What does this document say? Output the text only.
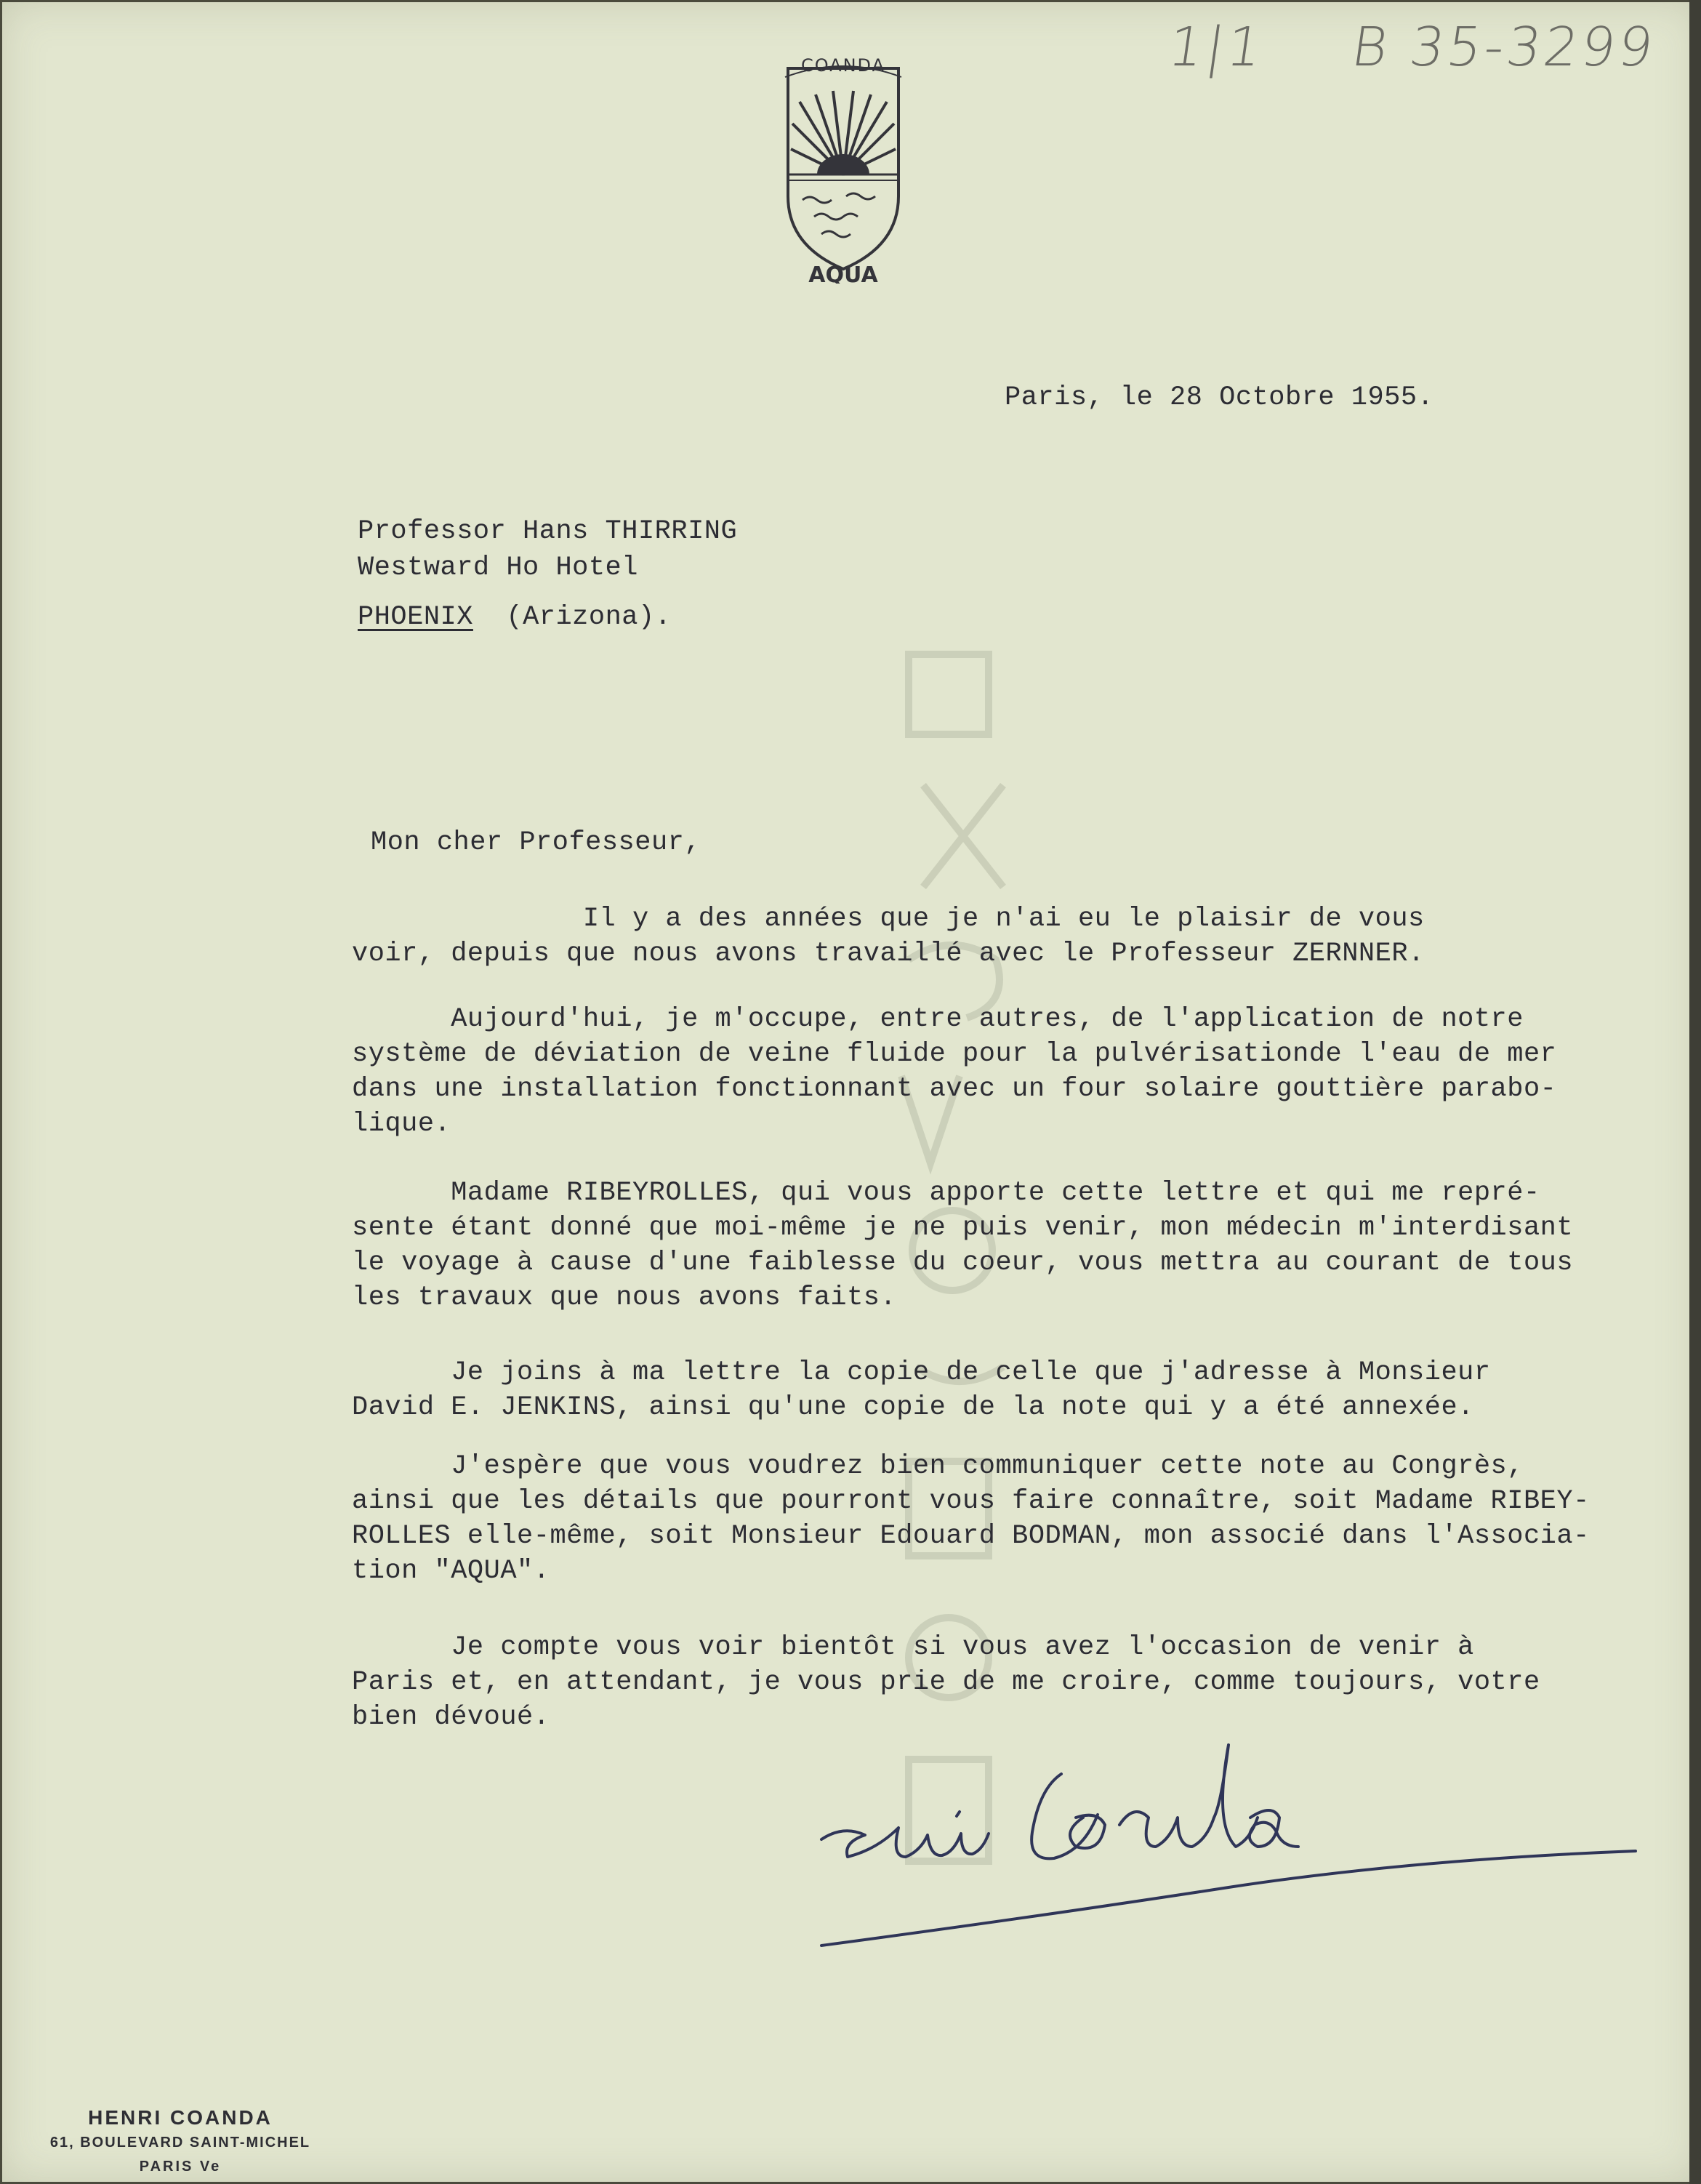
1|1 B 35-3299
COANDA
AQUA
Paris, le 28 Octobre 1955.
Professor Hans THIRRING
Westward Ho Hotel
PHOENIX (Arizona).
Mon cher Professeur,
Il y a des années que je n'ai eu le plaisir de vous
voir, depuis que nous avons travaillé avec le Professeur ZERNNER.
Aujourd'hui, je m'occupe, entre autres, de l'application de notre
système de déviation de veine fluide pour la pulvérisationde l'eau de mer
dans une installation fonctionnant avec un four solaire gouttière parabo-
lique.
Madame RIBEYROLLES, qui vous apporte cette lettre et qui me repré-
sente étant donné que moi-même je ne puis venir, mon médecin m'interdisant
le voyage à cause d'une faiblesse du coeur, vous mettra au courant de tous
les travaux que nous avons faits.
Je joins à ma lettre la copie de celle que j'adresse à Monsieur
David E. JENKINS, ainsi qu'une copie de la note qui y a été annexée.
J'espère que vous voudrez bien communiquer cette note au Congrès,
ainsi que les détails que pourront vous faire connaître, soit Madame RIBEY-
ROLLES elle-même, soit Monsieur Edouard BODMAN, mon associé dans l'Associa-
tion "AQUA".
Je compte vous voir bientôt si vous avez l'occasion de venir à
Paris et, en attendant, je vous prie de me croire, comme toujours, votre
bien dévoué.
HENRI COANDA
61, BOULEVARD SAINT-MICHEL
PARIS Ve
